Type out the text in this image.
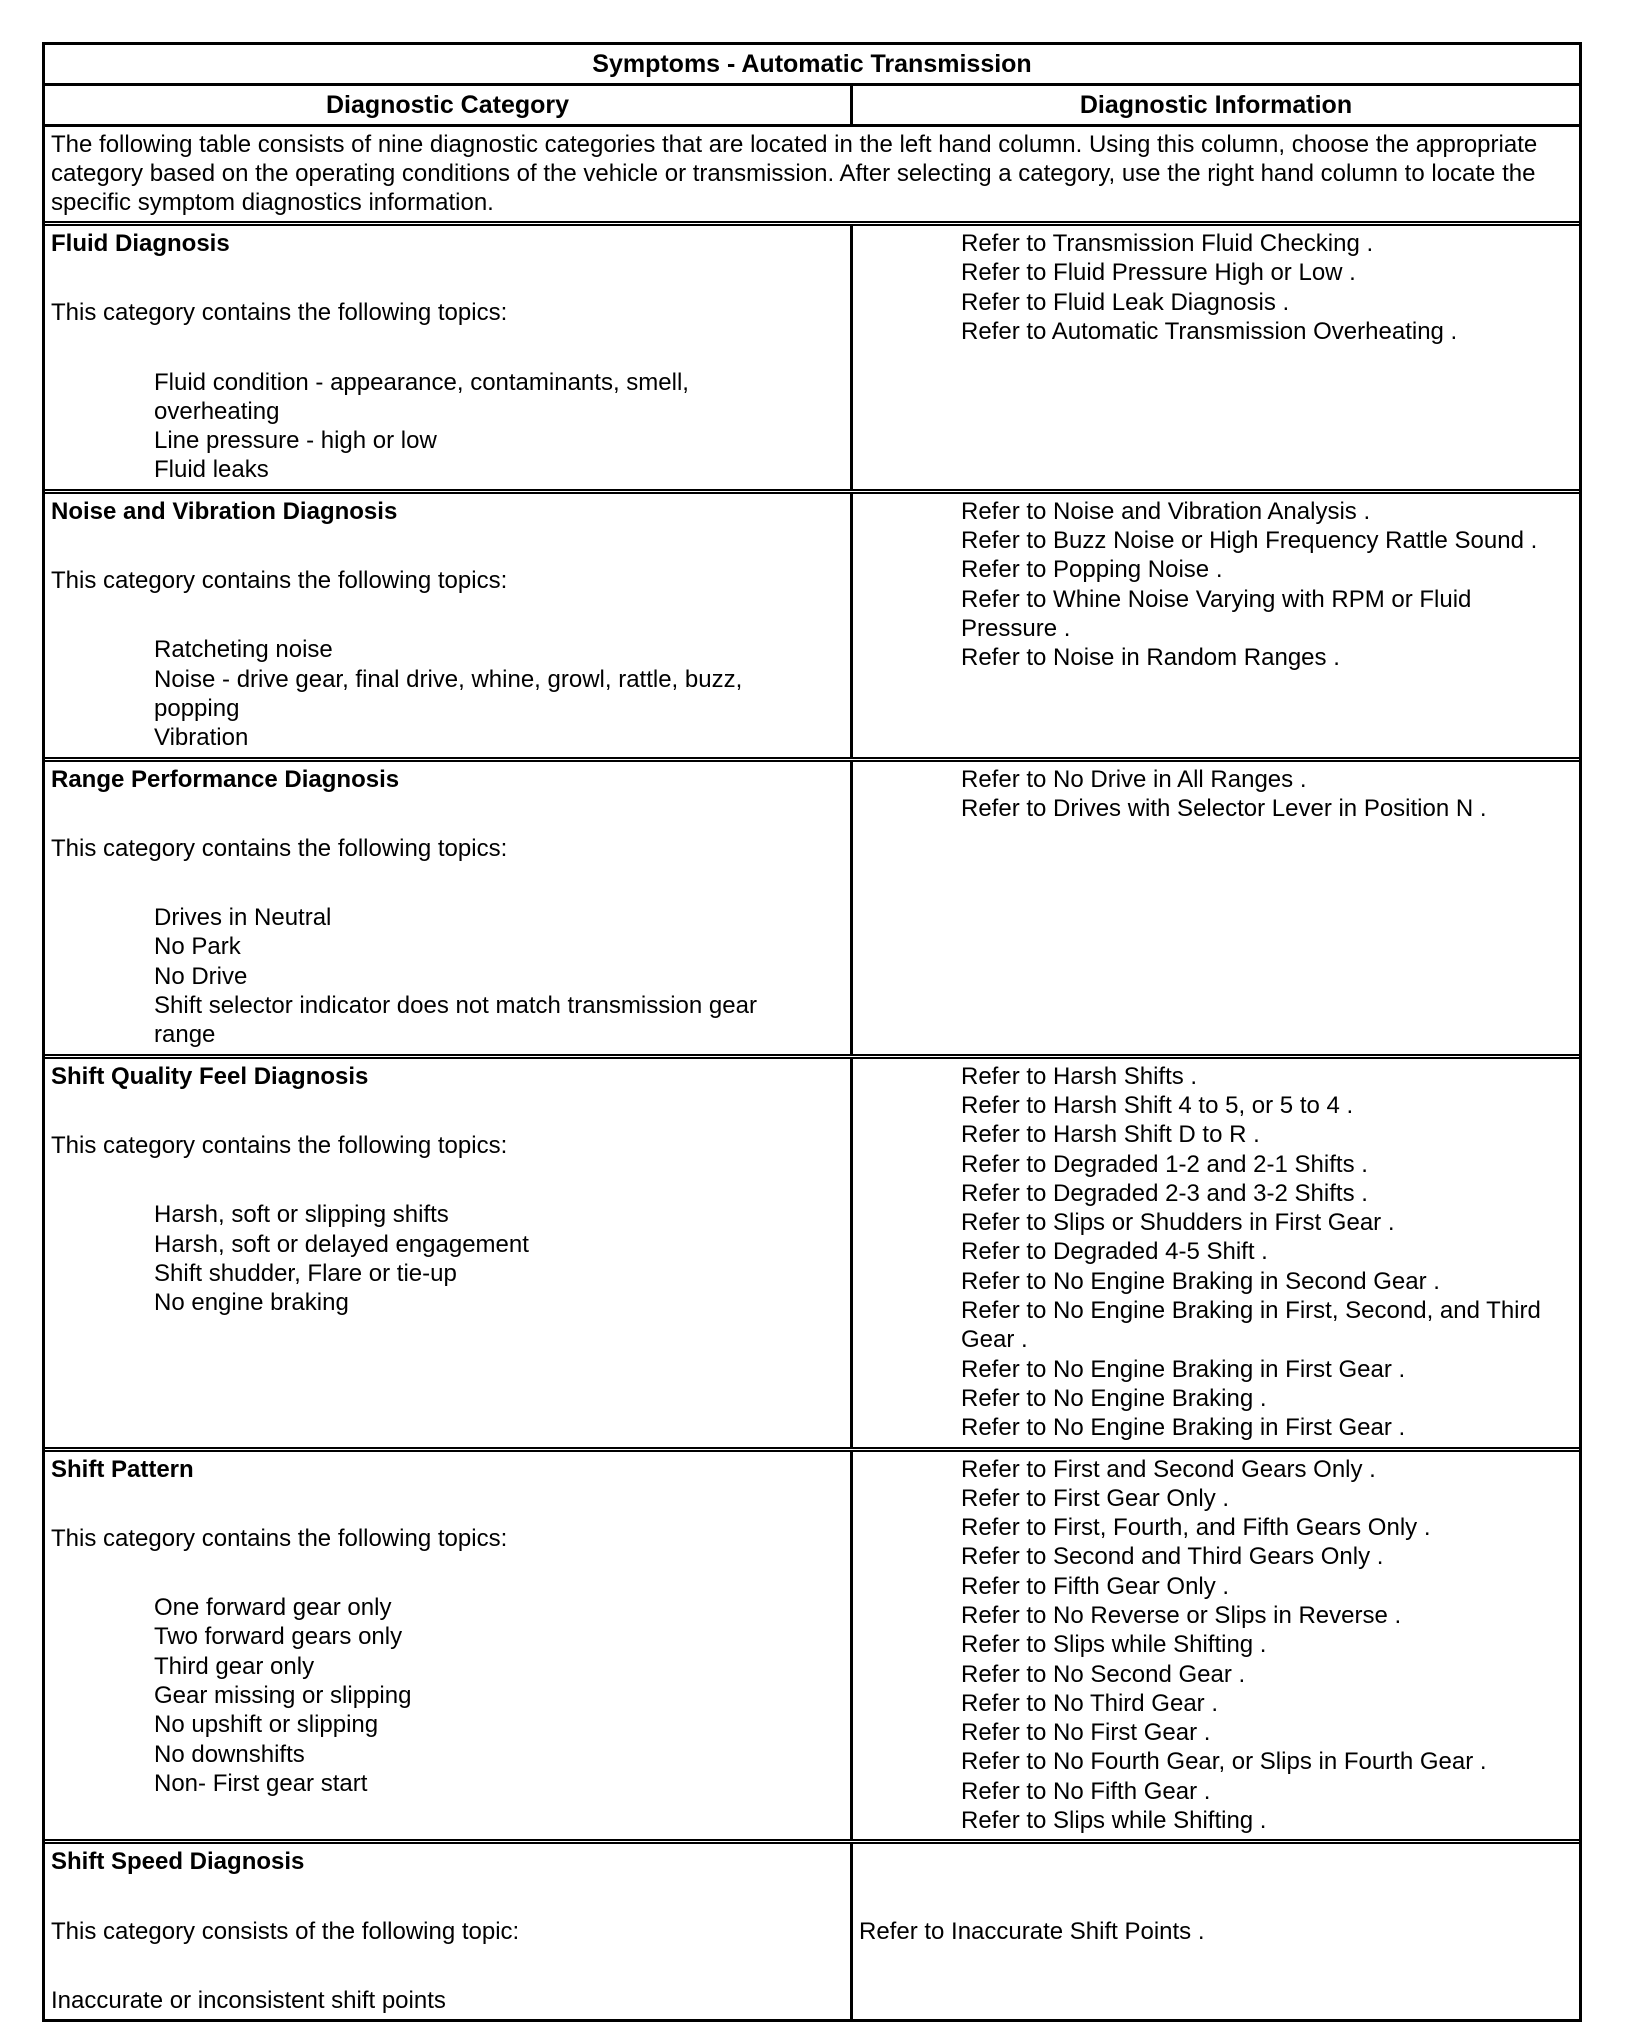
Symptoms - Automatic Transmission
Diagnostic Category	Diagnostic Information
The following table consists of nine diagnostic categories that are located in the left hand column. Using this column, choose the appropriate category based on the operating conditions of the vehicle or transmission. After selecting a category, use the right hand column to locate the specific symptom diagnostics information.
Fluid Diagnosis
This category contains the following topics:
Fluid condition - appearance, contaminants, smell, overheating
Line pressure - high or low
Fluid leaks
Refer to Transmission Fluid Checking .
Refer to Fluid Pressure High or Low .
Refer to Fluid Leak Diagnosis .
Refer to Automatic Transmission Overheating .
Noise and Vibration Diagnosis
This category contains the following topics:
Ratcheting noise
Noise - drive gear, final drive, whine, growl, rattle, buzz, popping
Vibration
Refer to Noise and Vibration Analysis .
Refer to Buzz Noise or High Frequency Rattle Sound .
Refer to Popping Noise .
Refer to Whine Noise Varying with RPM or Fluid Pressure .
Refer to Noise in Random Ranges .
Range Performance Diagnosis
This category contains the following topics:
Drives in Neutral
No Park
No Drive
Shift selector indicator does not match transmission gear range
Refer to No Drive in All Ranges .
Refer to Drives with Selector Lever in Position N .
Shift Quality Feel Diagnosis
This category contains the following topics:
Harsh, soft or slipping shifts
Harsh, soft or delayed engagement
Shift shudder, Flare or tie-up
No engine braking
Refer to Harsh Shifts .
Refer to Harsh Shift 4 to 5, or 5 to 4 .
Refer to Harsh Shift D to R .
Refer to Degraded 1-2 and 2-1 Shifts .
Refer to Degraded 2-3 and 3-2 Shifts .
Refer to Slips or Shudders in First Gear .
Refer to Degraded 4-5 Shift .
Refer to No Engine Braking in Second Gear .
Refer to No Engine Braking in First, Second, and Third Gear .
Refer to No Engine Braking in First Gear .
Refer to No Engine Braking .
Refer to No Engine Braking in First Gear .
Shift Pattern
This category contains the following topics:
One forward gear only
Two forward gears only
Third gear only
Gear missing or slipping
No upshift or slipping
No downshifts
Non- First gear start
Refer to First and Second Gears Only .
Refer to First Gear Only .
Refer to First, Fourth, and Fifth Gears Only .
Refer to Second and Third Gears Only .
Refer to Fifth Gear Only .
Refer to No Reverse or Slips in Reverse .
Refer to Slips while Shifting .
Refer to No Second Gear .
Refer to No Third Gear .
Refer to No First Gear .
Refer to No Fourth Gear, or Slips in Fourth Gear .
Refer to No Fifth Gear .
Refer to Slips while Shifting .
Shift Speed Diagnosis
This category consists of the following topic:
Inaccurate or inconsistent shift points
Refer to Inaccurate Shift Points .
